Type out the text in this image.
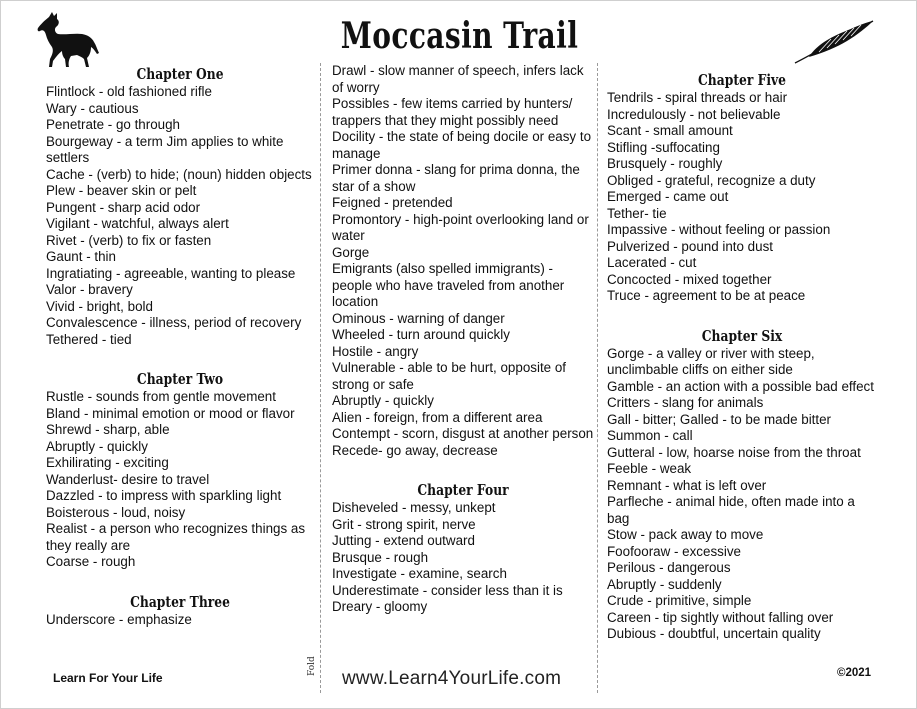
Moccasin Trail
Chapter One
Flintlock - old fashioned rifle
Wary - cautious
Penetrate - go through
Bourgeway - a term Jim applies to white settlers
Cache - (verb) to hide; (noun) hidden objects
Plew - beaver skin or pelt
Pungent - sharp acid odor
Vigilant - watchful, always alert
Rivet - (verb) to fix or fasten
Gaunt - thin
Ingratiating - agreeable, wanting to please
Valor - bravery
Vivid - bright, bold
Convalescence - illness, period of recovery
Tethered - tied
Chapter Two
Rustle - sounds from gentle movement
Bland - minimal emotion or mood or flavor
Shrewd - sharp, able
Abruptly - quickly
Exhilirating - exciting
Wanderlust- desire to travel
Dazzled - to impress with sparkling light
Boisterous - loud, noisy
Realist - a person who recognizes things as they really are
Coarse - rough
Chapter Three
Underscore - emphasize
Drawl - slow manner of speech, infers lack of worry
Possibles - few items carried by hunters/ trappers that they might possibly need
Docility - the state of being docile or easy to manage
Primer donna - slang for prima donna, the star of a show
Feigned - pretended
Promontory - high-point overlooking land or water
Gorge
Emigrants (also spelled immigrants) - people who have traveled from another location
Ominous - warning of danger
Wheeled - turn around quickly
Hostile - angry
Vulnerable - able to be hurt, opposite of strong or safe
Abruptly - quickly
Alien - foreign, from a different area
Contempt - scorn, disgust at another person
Recede- go away, decrease
Chapter Four
Disheveled - messy, unkept
Grit - strong spirit, nerve
Jutting - extend outward
Brusque - rough
Investigate - examine, search
Underestimate - consider less than it is
Dreary - gloomy
Chapter Five
Tendrils - spiral threads or hair
Incredulously - not believable
Scant - small amount
Stifling -suffocating
Brusquely - roughly
Obliged - grateful, recognize a duty
Emerged - came out
Tether- tie
Impassive - without feeling or passion
Pulverized - pound into dust
Lacerated - cut
Concocted - mixed together
Truce - agreement to be at peace
Chapter Six
Gorge - a valley or river with steep, unclimbable cliffs on either side
Gamble - an action with a possible bad effect
Critters - slang for animals
Gall - bitter; Galled - to be made bitter
Summon - call
Gutteral - low, hoarse noise from the throat
Feeble - weak
Remnant - what is left over
Parfleche - animal hide, often made into a bag
Stow - pack away to move
Foofooraw - excessive
Perilous - dangerous
Abruptly - suddenly
Crude - primitive, simple
Careen - tip sightly without falling over
Dubious - doubtful, uncertain quality
Learn For Your Life
Fold
www.Learn4YourLife.com	©2021
